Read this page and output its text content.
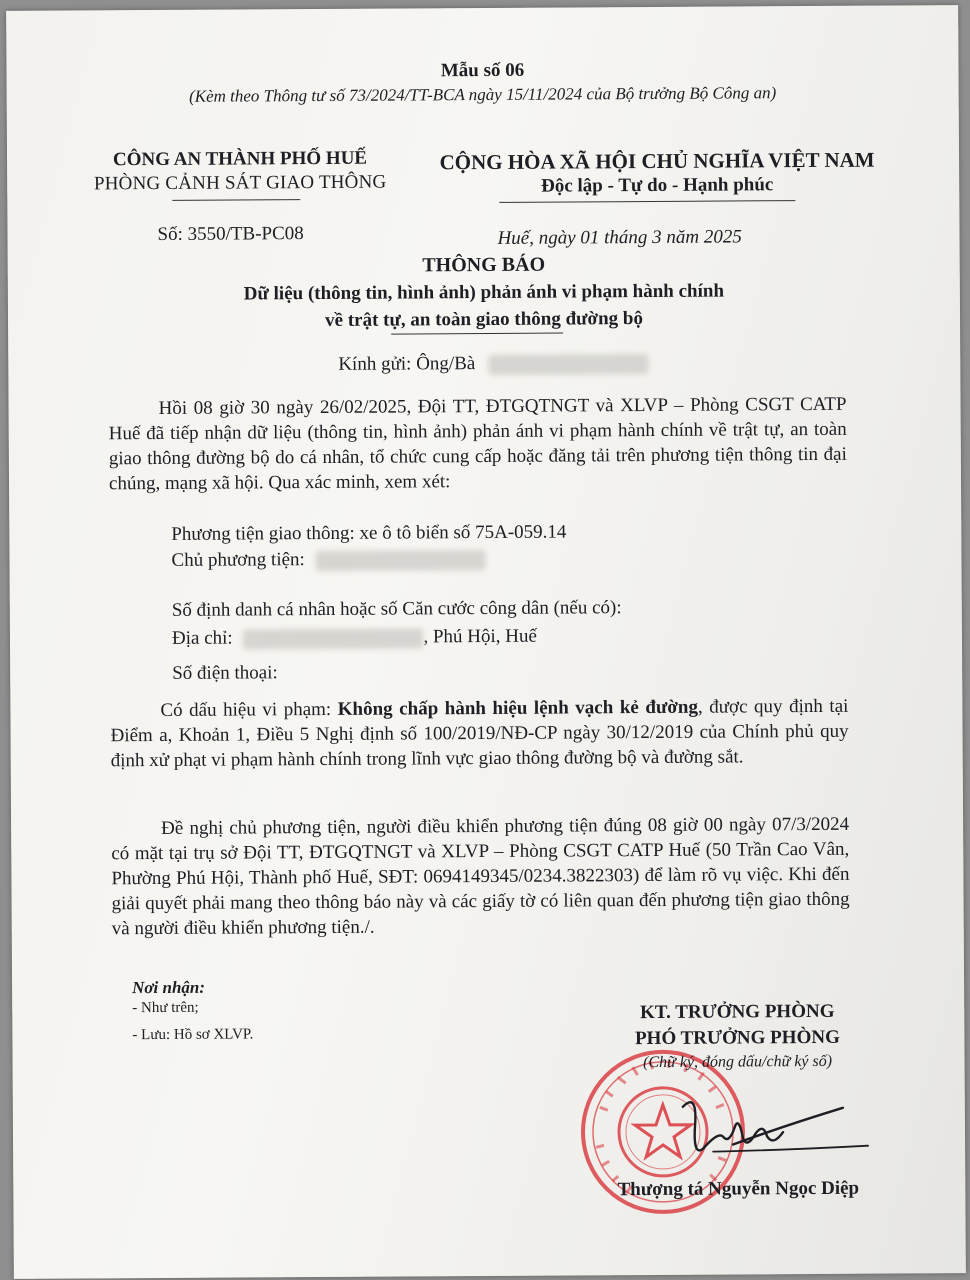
Mẫu số 06
(Kèm theo Thông tư số 73/2024/TT-BCA ngày 15/11/2024 của Bộ trưởng Bộ Công an)
CÔNG AN THÀNH PHỐ HUẾ
PHÒNG CẢNH SÁT GIAO THÔNG
CỘNG HÒA XÃ HỘI CHỦ NGHĨA VIỆT NAM
Độc lập - Tự do - Hạnh phúc
Số: 3550/TB-PC08	Huế, ngày 01 tháng 3 năm 2025
THÔNG BÁO
Dữ liệu (thông tin, hình ảnh) phản ánh vi phạm hành chính
về trật tự, an toàn giao thông đường bộ
Kính gửi: Ông/Bà
Hồi 08 giờ 30 ngày 26/02/2025, Đội TT, ĐTGQTNGT và XLVP – Phòng CSGT CATP Huế đã tiếp nhận dữ liệu (thông tin, hình ảnh) phản ánh vi phạm hành chính về trật tự, an toàn giao thông đường bộ do cá nhân, tổ chức cung cấp hoặc đăng tải trên phương tiện thông tin đại chúng, mạng xã hội. Qua xác minh, xem xét:
Phương tiện giao thông: xe ô tô biển số 75A-059.14
Chủ phương tiện:
Số định danh cá nhân hoặc số Căn cước công dân (nếu có):
Địa chỉ:	, Phú Hội, Huế
Số điện thoại:
Có dấu hiệu vi phạm: Không chấp hành hiệu lệnh vạch kẻ đường, được quy định tại Điểm a, Khoản 1, Điều 5 Nghị định số 100/2019/NĐ-CP ngày 30/12/2019 của Chính phủ quy định xử phạt vi phạm hành chính trong lĩnh vực giao thông đường bộ và đường sắt.
Đề nghị chủ phương tiện, người điều khiển phương tiện đúng 08 giờ 00 ngày 07/3/2024 có mặt tại trụ sở Đội TT, ĐTGQTNGT và XLVP – Phòng CSGT CATP Huế (50 Trần Cao Vân, Phường Phú Hội, Thành phố Huế, SĐT: 0694149345/0234.3822303) để làm rõ vụ việc. Khi đến giải quyết phải mang theo thông báo này và các giấy tờ có liên quan đến phương tiện giao thông và người điều khiển phương tiện./.
Nơi nhận:
- Như trên;
- Lưu: Hồ sơ XLVP.
KT. TRƯỞNG PHÒNG
PHÓ TRƯỞNG PHÒNG
(Chữ ký, đóng dấu/chữ ký số)
Thượng tá Nguyễn Ngọc Diệp
